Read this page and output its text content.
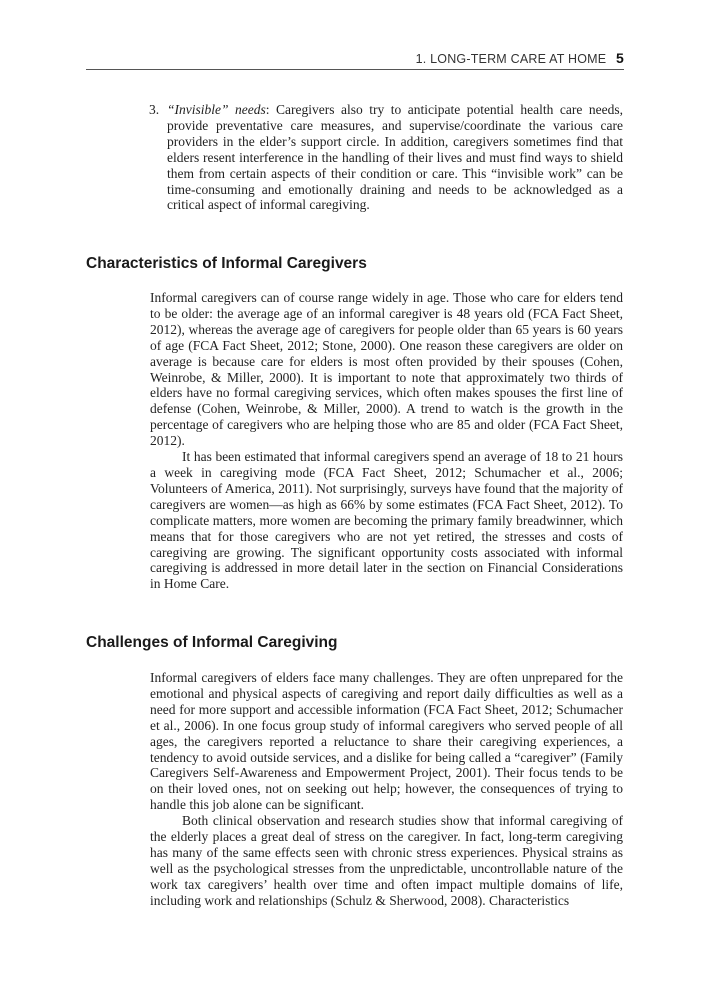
1. LONG-TERM CARE AT HOME 5
3. “Invisible” needs: Caregivers also try to anticipate potential health care needs, provide preventative care measures, and supervise/coordinate the various care providers in the elder’s support circle. In addition, caregivers sometimes find that elders resent interference in the handling of their lives and must find ways to shield them from certain aspects of their condition or care. This “invisible work” can be time-consuming and emotionally draining and needs to be acknowledged as a critical aspect of informal caregiving.
Characteristics of Informal Caregivers

Informal caregivers can of course range widely in age. Those who care for elders tend to be older: the average age of an informal caregiver is 48 years old (FCA Fact Sheet, 2012), whereas the average age of caregivers for people older than 65 years is 60 years of age (FCA Fact Sheet, 2012; Stone, 2000). One reason these caregivers are older on average is because care for elders is most often provided by their spouses (Cohen, Weinrobe, & Miller, 2000). It is important to note that approximately two thirds of elders have no formal caregiving services, which often makes spouses the first line of defense (Cohen, Weinrobe, & Miller, 2000). A trend to watch is the growth in the percentage of caregivers who are helping those who are 85 and older (FCA Fact Sheet, 2012).

It has been estimated that informal caregivers spend an average of 18 to 21 hours a week in caregiving mode (FCA Fact Sheet, 2012; Schumacher et al., 2006; Volunteers of America, 2011). Not surprisingly, surveys have found that the majority of caregivers are women—as high as 66% by some estimates (FCA Fact Sheet, 2012). To complicate matters, more women are becoming the primary family breadwinner, which means that for those caregivers who are not yet retired, the stresses and costs of caregiving are growing. The significant opportunity costs associated with informal caregiving is addressed in more detail later in the section on Financial Considerations in Home Care.

Challenges of Informal Caregiving

Informal caregivers of elders face many challenges. They are often unprepared for the emotional and physical aspects of caregiving and report daily difficulties as well as a need for more support and accessible information (FCA Fact Sheet, 2012; Schumacher et al., 2006). In one focus group study of informal caregivers who served people of all ages, the caregivers reported a reluctance to share their caregiving experiences, a tendency to avoid outside services, and a dislike for being called a “caregiver” (Family Caregivers Self-Awareness and Empowerment Project, 2001). Their focus tends to be on their loved ones, not on seeking out help; however, the consequences of trying to handle this job alone can be significant.

Both clinical observation and research studies show that informal caregiving of the elderly places a great deal of stress on the caregiver. In fact, long-term caregiving has many of the same effects seen with chronic stress experiences. Physical strains as well as the psychological stresses from the unpredictable, uncontrollable nature of the work tax caregivers’ health over time and often impact multiple domains of life, including work and relationships (Schulz & Sherwood, 2008). Characteristics
